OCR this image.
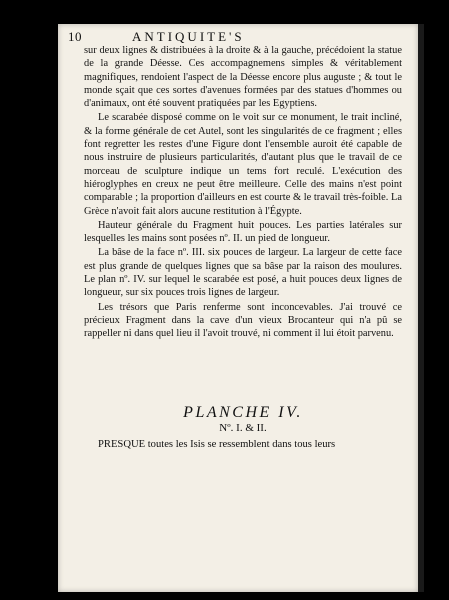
10	ANTIQUITE'S

sur deux lignes & distribuées à la droite & à la gauche, précédoient la statue de la grande Déesse. Ces accompagnemens simples & véritablement magnifiques, rendoient l'aspect de la Déesse encore plus auguste ; & tout le monde sçait que ces sortes d'avenues formées par des statues d'hommes ou d'animaux, ont été souvent pratiquées par les Egyptiens.

Le scarabée disposé comme on le voit sur ce monument, le trait incliné, & la forme générale de cet Autel, sont les singularités de ce fragment ; elles font regretter les restes d'une Figure dont l'ensemble auroit été capable de nous instruire de plusieurs particularités, d'autant plus que le travail de ce morceau de sculpture indique un tems fort reculé. L'exécution des hiéroglyphes en creux ne peut être meilleure. Celle des mains n'est point comparable ; la proportion d'ailleurs en est courte & le travail très-foible. La Grèce n'avoit fait alors aucune restitution à l'Égypte.

Hauteur générale du Fragment huit pouces. Les parties latérales sur lesquelles les mains sont posées nº. II. un pied de longueur.

La bâse de la face nº. III. six pouces de largeur. La largeur de cette face est plus grande de quelques lignes que sa bâse par la raison des moulures. Le plan nº. IV. sur lequel le scarabée est posé, a huit pouces deux lignes de longueur, sur six pouces trois lignes de largeur.

Les trésors que Paris renferme sont inconcevables. J'ai trouvé ce précieux Fragment dans la cave d'un vieux Brocanteur qui n'a pû se rappeller ni dans quel lieu il l'avoit trouvé, ni comment il lui étoit parvenu.

PLANCHE IV.
Nº. I. & II.
PRESQUE toutes les Isis se ressemblent dans tous leurs
